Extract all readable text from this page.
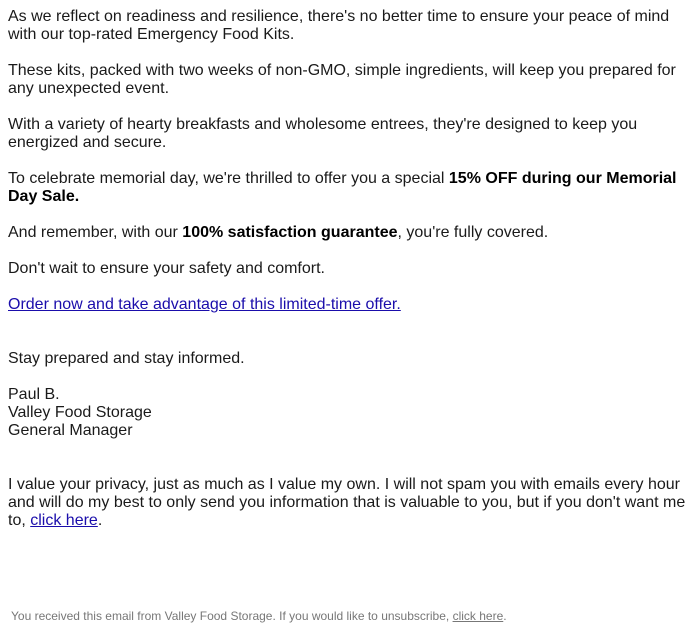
As we reflect on readiness and resilience, there's no better time to ensure your peace of mind with our top-rated Emergency Food Kits.

These kits, packed with two weeks of non-GMO, simple ingredients, will keep you prepared for any unexpected event.

With a variety of hearty breakfasts and wholesome entrees, they're designed to keep you energized and secure.

To celebrate memorial day, we're thrilled to offer you a special 15% OFF during our Memorial Day Sale.

And remember, with our 100% satisfaction guarantee, you're fully covered.

Don't wait to ensure your safety and comfort.

Order now and take advantage of this limited-time offer.

Stay prepared and stay informed.

Paul B.
Valley Food Storage
General Manager

I value your privacy, just as much as I value my own. I will not spam you with emails every hour and will do my best to only send you information that is valuable to you, but if you don't want me to, click here.

You received this email from Valley Food Storage. If you would like to unsubscribe, click here.
